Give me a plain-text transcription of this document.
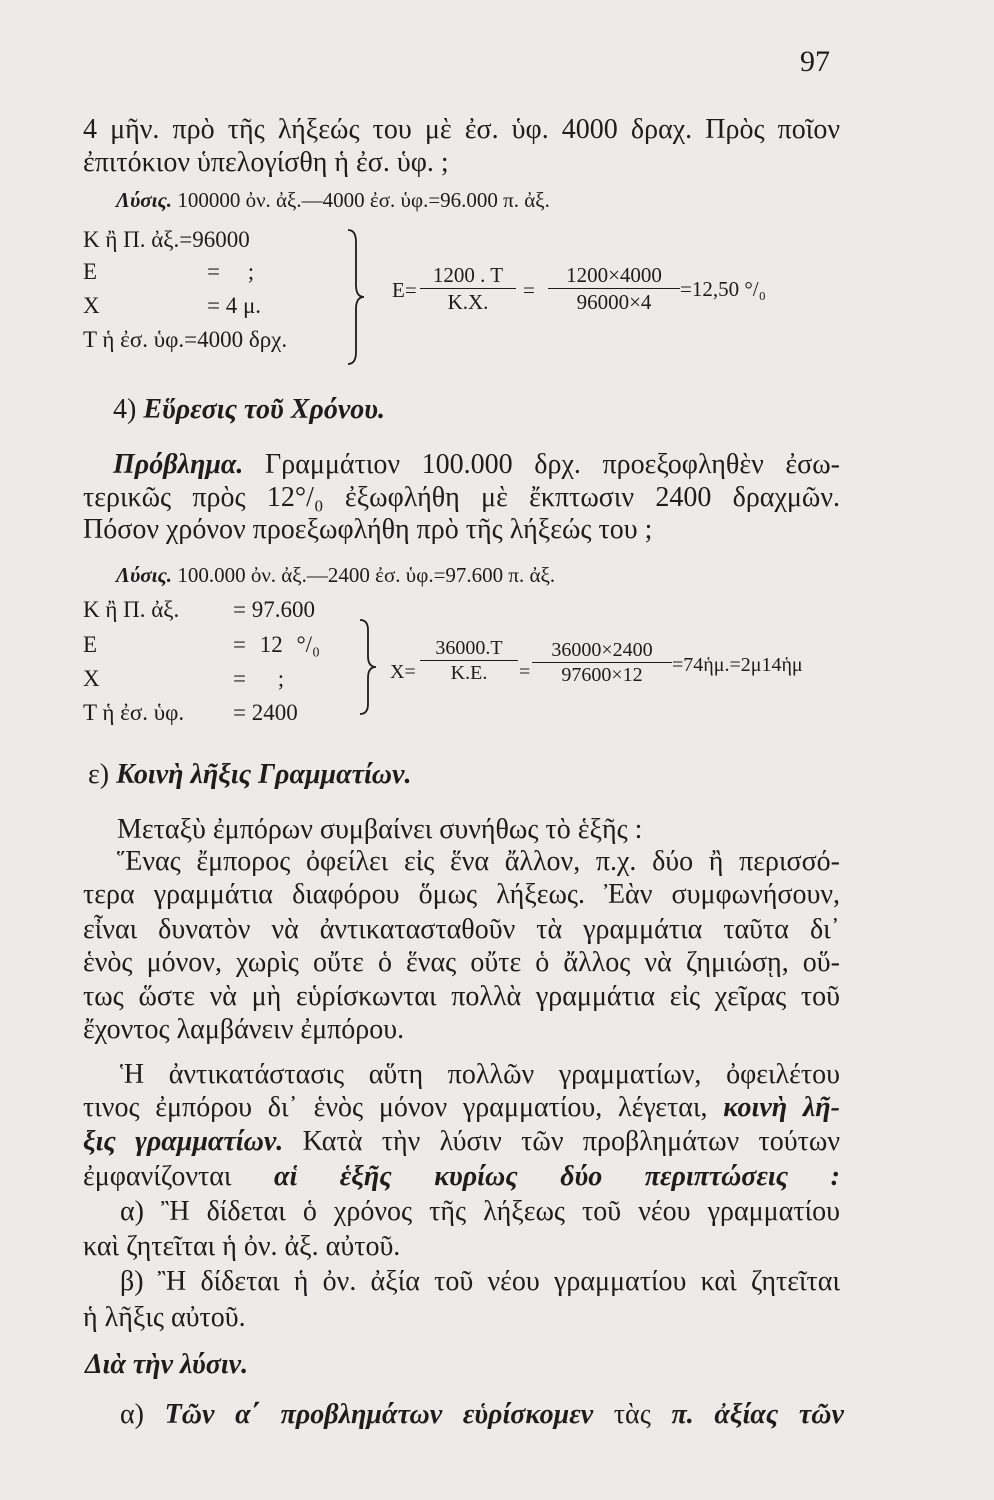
97
4 μῆν. πρὸ τῆς λήξεώς του μὲ ἐσ. ὑφ. 4000 δραχ. Πρὸς ποῖον
ἐπιτόκιον ὑπελογίσθη ἡ ἐσ. ὑφ. ;
Λύσις. 100000 ὀν. ἀξ.—4000 ἐσ. ὑφ.=96.000 π. ἀξ.
Κ ἢ Π. ἀξ.=96000
Ε	= ;
Χ	= 4 μ.
Τ ἡ ἐσ. ὑφ.=4000 δρχ.
$E= \frac{1200 . T}{K.X.} = \frac{1200\times 4000}{96000\times 4} =12,50$ °/₀
4) Εὕρεσις τοῦ Χρόνου.
Πρόβλημα. Γραμμάτιον 100.000 δρχ. προεξοφληθὲν ἐσω-
τερικῶς πρὸς 12°/₀ ἐξωφλήθη μὲ ἔκπτωσιν 2400 δραχμῶν.
Πόσον χρόνον προεξωφλήθη πρὸ τῆς λήξεώς του ;
Λύσις. 100.000 ὀν. ἀξ.—2400 ἐσ. ὑφ.=97.600 π. ἀξ.
Κ ἢ Π. ἀξ.	= 97.600
Ε	= 12 °/₀
Χ	= ;
Τ ἡ ἐσ. ὑφ.	= 2400
$X= \frac{36000.T}{K.E.} = \frac{36000\times 2400}{97600\times 12}$ =74ἡμ.=2μ14ἡμ
ε) Κοινὴ λῆξις Γραμματίων.
Μεταξὺ ἐμπόρων συμβαίνει συνήθως τὸ ἑξῆς :
Ἕνας ἔμπορος ὀφείλει εἰς ἕνα ἄλλον, π.χ. δύο ἢ περισσό-
τερα γραμμάτια διαφόρου ὅμως λήξεως. Ἐὰν συμφωνήσουν,
εἶναι δυνατὸν νὰ ἀντικατασταθοῦν τὰ γραμμάτια ταῦτα δι᾽
ἑνὸς μόνον, χωρὶς οὔτε ὁ ἕνας οὔτε ὁ ἄλλος νὰ ζημιώσῃ, οὕ-
τως ὥστε νὰ μὴ εὑρίσκωνται πολλὰ γραμμάτια εἰς χεῖρας τοῦ
ἔχοντος λαμβάνειν ἐμπόρου.
Ἡ ἀντικατάστασις αὕτη πολλῶν γραμματίων, ὀφειλέτου
τινος ἐμπόρου δι᾽ ἑνὸς μόνον γραμματίου, λέγεται, κοινὴ λῆ-
ξις γραμματίων. Κατὰ τὴν λύσιν τῶν προβλημάτων τούτων
ἐμφανίζονται αἱ ἑξῆς κυρίως δύο περιπτώσεις :
α) Ἢ δίδεται ὁ χρόνος τῆς λήξεως τοῦ νέου γραμματίου
καὶ ζητεῖται ἡ ὀν. ἀξ. αὐτοῦ.
β) Ἢ δίδεται ἡ ὀν. ἀξία τοῦ νέου γραμματίου καὶ ζητεῖται
ἡ λῆξις αὐτοῦ.
Διὰ τὴν λύσιν.
α) Τῶν α΄ προβλημάτων εὑρίσκομεν τὰς π. ἀξίας τῶν
